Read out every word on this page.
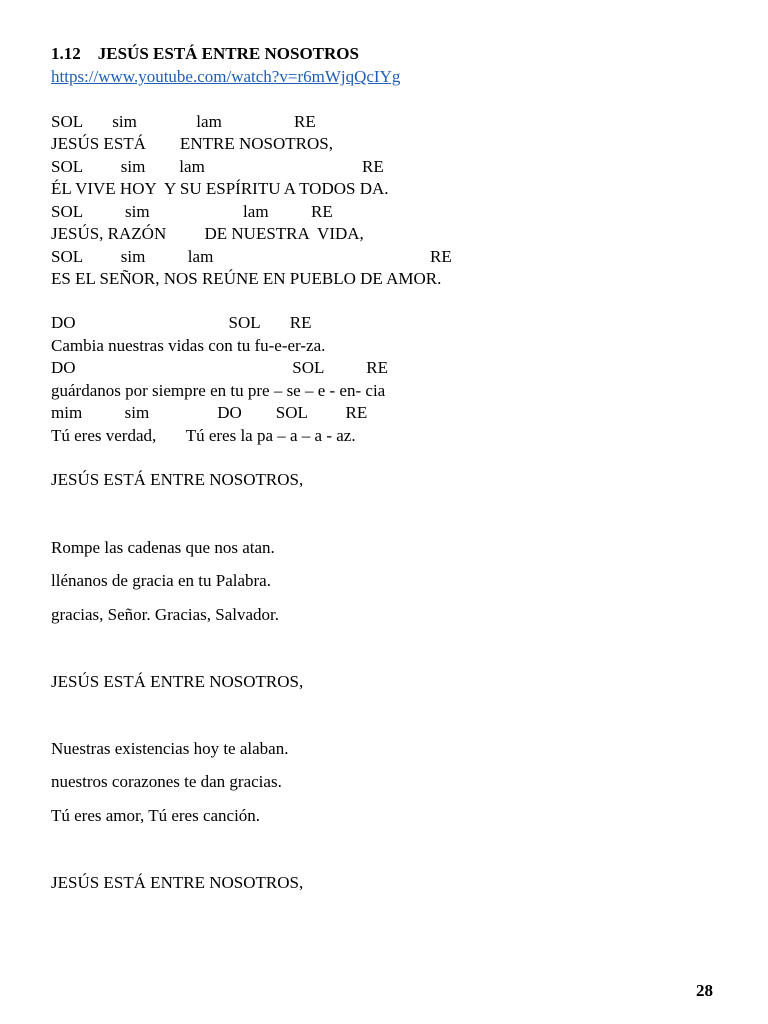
1.12 JESÚS ESTÁ ENTRE NOSOTROS
https://www.youtube.com/watch?v=r6mWjqQcIYg
SOL       sim              lam                 RE
JESÚS ESTÁ        ENTRE NOSOTROS,
SOL         sim        lam                                     RE
ÉL VIVE HOY  Y SU ESPÍRITU A TODOS DA.
SOL          sim                      lam          RE
JESÚS, RAZÓN         DE NUESTRA  VIDA,
SOL         sim          lam                                                   RE
ES EL SEÑOR, NOS REÚNE EN PUEBLO DE AMOR.
DO                                    SOL       RE
Cambia nuestras vidas con tu fu-e-er-za.
DO                                                   SOL          RE
guárdanos por siempre en tu pre – se – e - en- cia
mim          sim                DO        SOL         RE
Tú eres verdad,       Tú eres la pa – a – a - az.
JESÚS ESTÁ ENTRE NOSOTROS,
Rompe las cadenas que nos atan.
llénanos de gracia en tu Palabra.
gracias, Señor. Gracias, Salvador.
JESÚS ESTÁ ENTRE NOSOTROS,
Nuestras existencias hoy te alaban.
nuestros corazones te dan gracias.
Tú eres amor, Tú eres canción.
JESÚS ESTÁ ENTRE NOSOTROS,
28
